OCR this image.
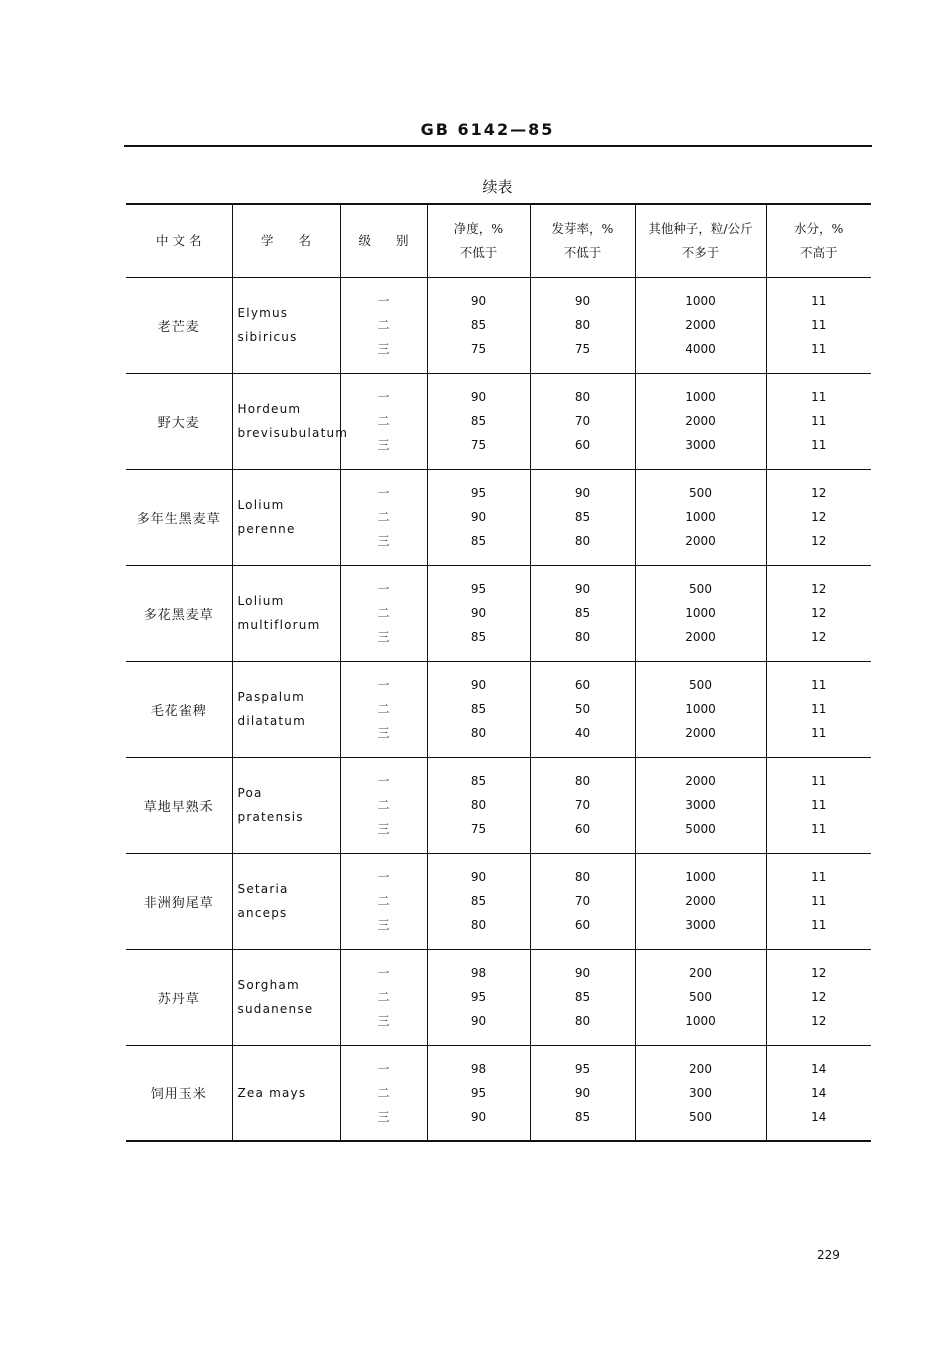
GB 6142—85
续表
中 文 名	学　　名	级　　别	净度，%
不低于	发芽率，%
不低于	其他种子，粒/公斤
不多于	水分，%
不高于
老芒麦	Elymus
sibiricus	一
二
三	90
85
75	90
80
75	1000
2000
4000	11
11
11

野大麦	Hordeum
brevisubulatum	一
二
三	90
85
75	80
70
60	1000
2000
3000	11
11
11

多年生黑麦草	Lolium
perenne	一
二
三	95
90
85	90
85
80	500
1000
2000	12
12
12

多花黑麦草	Lolium
multiflorum	一
二
三	95
90
85	90
85
80	500
1000
2000	12
12
12

毛花雀稗	Paspalum
dilatatum	一
二
三	90
85
80	60
50
40	500
1000
2000	11
11
11

草地早熟禾	Poa
pratensis	一
二
三	85
80
75	80
70
60	2000
3000
5000	11
11
11

非洲狗尾草	Setaria
anceps	一
二
三	90
85
80	80
70
60	1000
2000
3000	11
11
11

苏丹草	Sorgham
sudanense	一
二
三	98
95
90	90
85
80	200
500
1000	12
12
12

饲用玉米	Zea mays	一
二
三	98
95
90	95
90
85	200
300
500	14
14
14
229
